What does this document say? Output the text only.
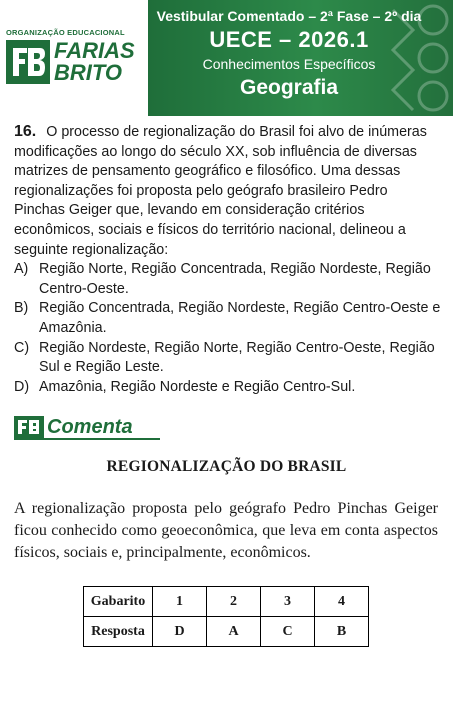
ORGANIZAÇÃO EDUCACIONAL
FARIAS
BRITO
Vestibular Comentado – 2ª Fase – 2º dia
UECE – 2026.1
Conhecimentos Específicos
Geografia
16. O processo de regionalização do Brasil foi alvo de inúmeras modificações ao longo do século XX, sob influência de diversas matrizes de pensamento geográfico e filosófico. Uma dessas regionalizações foi proposta pelo geógrafo brasileiro Pedro Pinchas Geiger que, levando em consideração critérios econômicos, sociais e físicos do território nacional, delineou a seguinte regionalização:
A) Região Norte, Região Concentrada, Região Nordeste, Região Centro-Oeste.
B) Região Concentrada, Região Nordeste, Região Centro-Oeste e Amazônia.
C) Região Nordeste, Região Norte, Região Centro-Oeste, Região Sul e Região Leste.
D) Amazônia, Região Nordeste e Região Centro-Sul.
Comenta
REGIONALIZAÇÃO DO BRASIL
A regionalização proposta pelo geógrafo Pedro Pinchas Geiger ficou conhecido como geoeconômica, que leva em conta aspectos físicos, sociais e, principalmente, econômicos.
Gabarito	1	2	3	4
Resposta	D	A	C	B
